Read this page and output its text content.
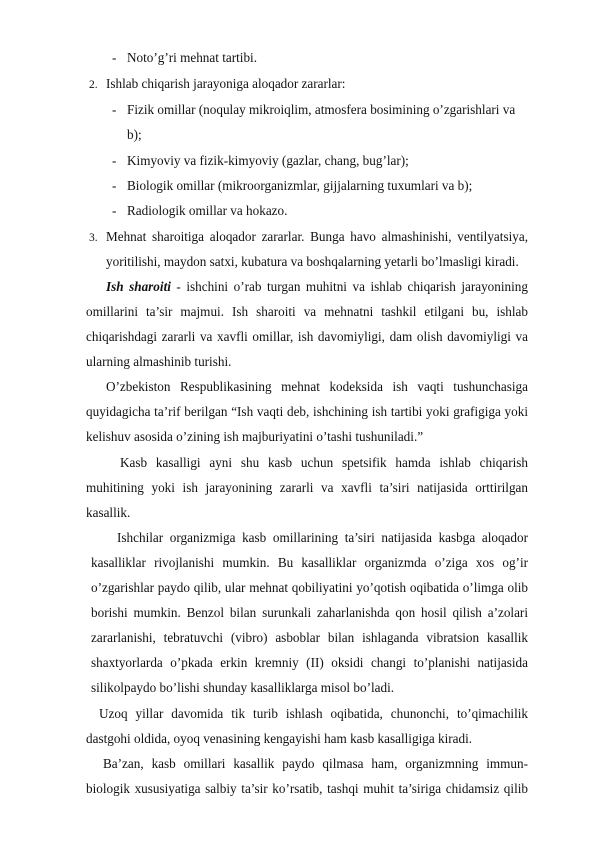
- Noto’g’ri mehnat tartibi.
2. Ishlab chiqarish jarayoniga aloqador zararlar:
- Fizik omillar (noqulay mikroiqlim, atmosfera bosimining o’zgarishlari va
b);
- Kimyoviy va fizik-kimyoviy (gazlar, chang, bug’lar);
- Biologik omillar (mikroorganizmlar, gijjalarning tuxumlari va b);
- Radiologik omillar va hokazo.
3. Mehnat sharoitiga aloqador zararlar. Bunga havo almashinishi, ventilyatsiya,
yoritilishi, maydon satxi, kubatura va boshqalarning yetarli bo’lmasligi kiradi.
Ish sharoiti - ishchini o’rab turgan muhitni va ishlab chiqarish jarayonining
omillarini ta’sir majmui. Ish sharoiti va mehnatni tashkil etilgani bu, ishlab
chiqarishdagi zararli va xavfli omillar, ish davomiyligi, dam olish davomiyligi va
ularning almashinib turishi.
O’zbekiston Respublikasining mehnat kodeksida ish vaqti tushunchasiga
quyidagicha ta’rif berilgan “Ish vaqti deb, ishchining ish tartibi yoki grafigiga yoki
kelishuv asosida o’zining ish majburiyatini o’tashi tushuniladi.”
Kasb kasalligi ayni shu kasb uchun spetsifik hamda ishlab chiqarish
muhitining yoki ish jarayonining zararli va xavfli ta’siri natijasida orttirilgan
kasallik.
Ishchilar organizmiga kasb omillarining ta’siri natijasida kasbga aloqador
kasalliklar rivojlanishi mumkin. Bu kasalliklar organizmda o’ziga xos og’ir
o’zgarishlar paydo qilib, ular mehnat qobiliyatini yo’qotish oqibatida o’limga olib
borishi mumkin. Benzol bilan surunkali zaharlanishda qon hosil qilish a’zolari
zararlanishi, tebratuvchi (vibro) asboblar bilan ishlaganda vibratsion kasallik
shaxtyorlarda o’pkada erkin kremniy (II) oksidi changi to’planishi natijasida
silikolpaydo bo’lishi shunday kasalliklarga misol bo’ladi.
Uzoq yillar davomida tik turib ishlash oqibatida, chunonchi, to’qimachilik
dastgohi oldida, oyoq venasining kengayishi ham kasb kasalligiga kiradi.
Ba’zan, kasb omillari kasallik paydo qilmasa ham, organizmning immun-
biologik xususiyatiga salbiy ta’sir ko’rsatib, tashqi muhit ta’siriga chidamsiz qilib
